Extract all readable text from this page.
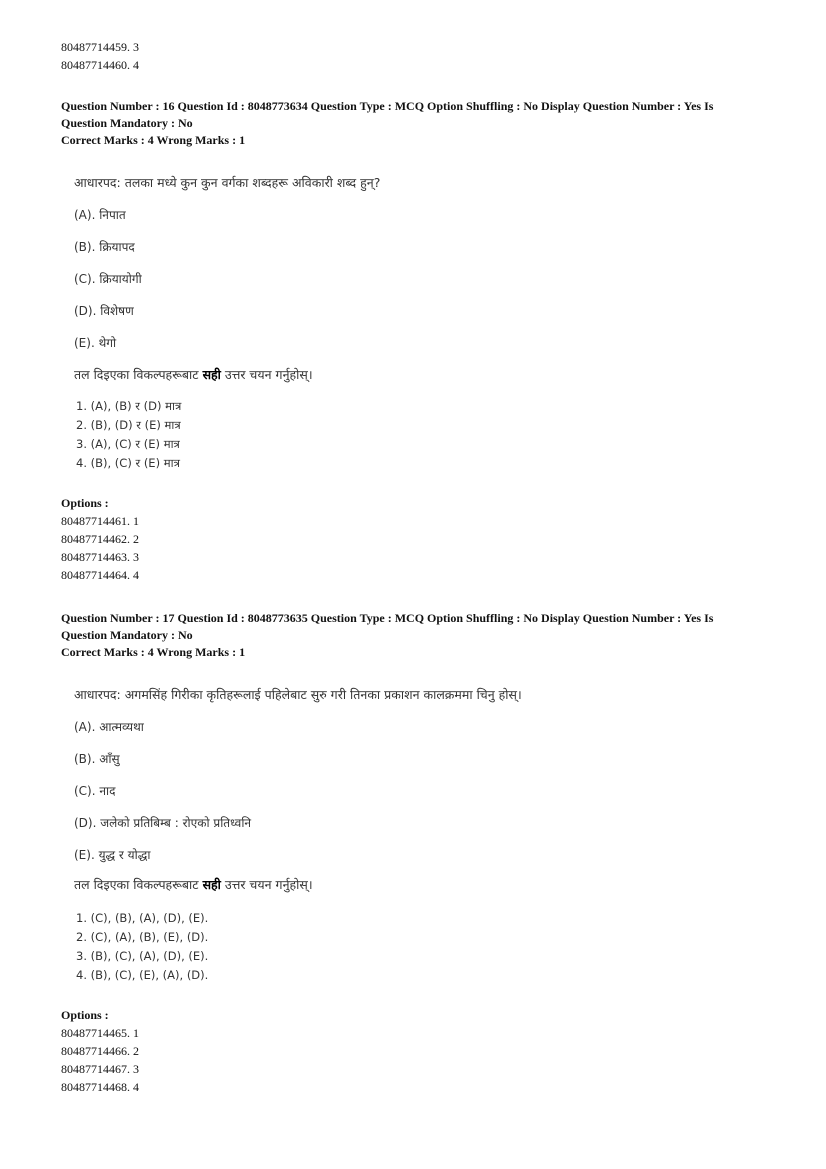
80487714459. 3
80487714460. 4
Question Number : 16 Question Id : 8048773634 Question Type : MCQ Option Shuffling : No Display Question Number : Yes Is
Question Mandatory : No
Correct Marks : 4 Wrong Marks : 1
आधारपद: तलका मध्ये कुन कुन वर्गका शब्दहरू अविकारी शब्द हुन्?
(A). निपात
(B). क्रियापद
(C). क्रियायोगी
(D). विशेषण
(E). थेगो
तल दिइएका विकल्पहरूबाट सही उत्तर चयन गर्नुहोस्।
1. (A), (B) र (D) मात्र
2. (B), (D) र (E) मात्र
3. (A), (C) र (E) मात्र
4. (B), (C) र (E) मात्र
Options :
80487714461. 1
80487714462. 2
80487714463. 3
80487714464. 4
Question Number : 17 Question Id : 8048773635 Question Type : MCQ Option Shuffling : No Display Question Number : Yes Is
Question Mandatory : No
Correct Marks : 4 Wrong Marks : 1
आधारपद: अगमसिंह गिरीका कृतिहरूलाई पहिलेबाट सुरु गरी तिनका प्रकाशन कालक्रममा चिनु होस्।
(A). आत्मव्यथा
(B). आँसु
(C). नाद
(D). जलेको प्रतिबिम्ब : रोएको प्रतिध्वनि
(E). युद्ध र योद्धा
तल दिइएका विकल्पहरूबाट सही उत्तर चयन गर्नुहोस्।
1. (C), (B), (A), (D), (E).
2. (C), (A), (B), (E), (D).
3. (B), (C), (A), (D), (E).
4. (B), (C), (E), (A), (D).
Options :
80487714465. 1
80487714466. 2
80487714467. 3
80487714468. 4
